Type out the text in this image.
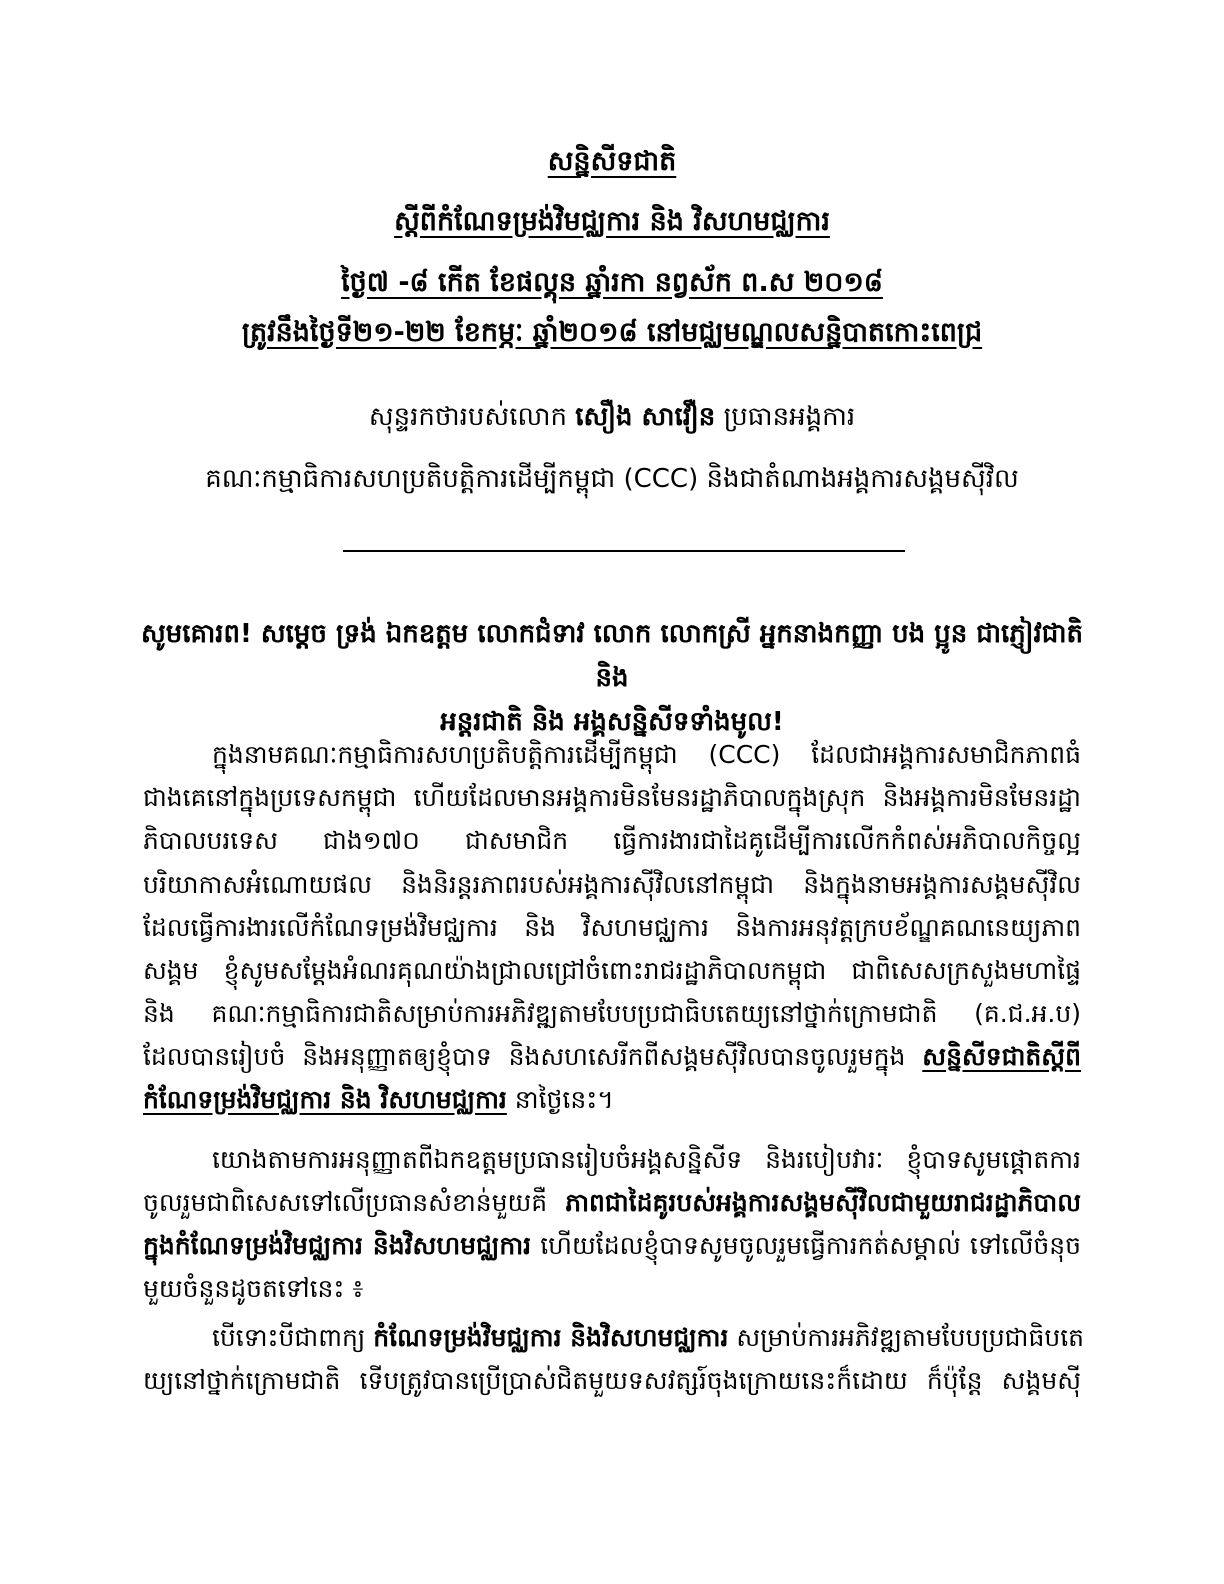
សន្និសីទជាតិ
ស្តីពីកំណែទម្រង់វិមជ្ឈការ និង វិសហមជ្ឈការ
ថ្ងៃ៧ -៨ កើត ខែផល្គុន ឆ្នាំរកា នព្វស័ក ព.ស ២០១៨
ត្រូវនឹងថ្ងៃទី២១-២២ ខែកម្ភៈ ឆ្នាំ២០១៨ នៅមជ្ឈមណ្ឌលសន្និបាតកោះពេជ្រ
សុន្ទរកថារបស់លោក សឿង សាវឿន ប្រធានអង្គការ
គណៈកម្មាធិការសហប្រតិបត្តិការដើម្បីកម្ពុជា (CCC) និងជាតំណាងអង្គការសង្គមស៊ីវិល
សូមគោរព! សម្តេច ទ្រង់ ឯកឧត្តម លោកជំទាវ លោក លោកស្រី អ្នកនាងកញ្ញា បង ប្អូន ជាភ្ញៀវជាតិ និង
អន្តរជាតិ និង អង្គសន្និសីទទាំងមូល!
ក្នុងនាមគណៈកម្មាធិការសហប្រតិបត្តិការដើម្បីកម្ពុជា (CCC) ដែលជាអង្គការសមាជិកភាពធំ
ជាងគេនៅក្នុងប្រទេសកម្ពុជា ហើយដែលមានអង្គការមិនមែនរដ្ឋាភិបាលក្នុងស្រុក និងអង្គការមិនមែនរដ្ឋា
ភិបាលបរទេស ជាង១៧០ ជាសមាជិក ធ្វើការងារជាដៃគូដើម្បីការលើកកំពស់អភិបាលកិច្ចល្អ
បរិយាកាសអំណោយផល និងនិរន្តរភាពរបស់អង្គការស៊ីវិលនៅកម្ពុជា និងក្នុងនាមអង្គការសង្គមស៊ីវិល
ដែលធ្វើការងារលើកំណែទម្រង់វិមជ្ឈការ និង វិសហមជ្ឈការ និងការអនុវត្តក្របខ័ណ្ឌគណនេយ្យភាព
សង្គម ខ្ញុំសូមសម្តែងអំណរគុណយ៉ាងជ្រាលជ្រៅចំពោះរាជរដ្ឋាភិបាលកម្ពុជា ជាពិសេសក្រសួងមហាផ្ទៃ
និង គណៈកម្មាធិការជាតិសម្រាប់ការអភិវឌ្ឍតាមបែបប្រជាធិបតេយ្យនៅថ្នាក់ក្រោមជាតិ (គ.ជ.អ.ប)
ដែលបានរៀបចំ និងអនុញ្ញាតឲ្យខ្ញុំបាទ និងសហសេរីកពីសង្គមស៊ីវិលបានចូលរួមក្នុង សន្និសីទជាតិស្តីពី
កំណែទម្រង់វិមជ្ឈការ និង វិសហមជ្ឈការ នាថ្ងៃនេះ។
យោងតាមការអនុញ្ញាតពីឯកឧត្តមប្រធានរៀបចំអង្គសន្និសីទ និងរបៀបវារៈ ខ្ញុំបាទសូមផ្តោតការ
ចូលរួមជាពិសេសទៅលើប្រធានសំខាន់មួយគឺ ភាពជាដៃគូរបស់អង្គការសង្គមស៊ីវិលជាមួយរាជរដ្ឋាភិបាល
ក្នុងកំណែទម្រង់វិមជ្ឈការ និងវិសហមជ្ឈការ ហើយដែលខ្ញុំបាទសូមចូលរួមធ្វើការកត់សម្គាល់ ទៅលើចំនុច
មួយចំនួនដូចតទៅនេះ ៖
បើទោះបីជាពាក្យ កំណែទម្រង់វិមជ្ឈការ និងវិសហមជ្ឈការ សម្រាប់ការអភិវឌ្ឍតាមបែបប្រជាធិបតេ
យ្យនៅថ្នាក់ក្រោមជាតិ ទើបត្រូវបានប្រើប្រាស់ជិតមួយទសវត្សរ៍ចុងក្រោយនេះក៏ដោយ ក៏ប៉ុន្តែ សង្គមស៊ី
